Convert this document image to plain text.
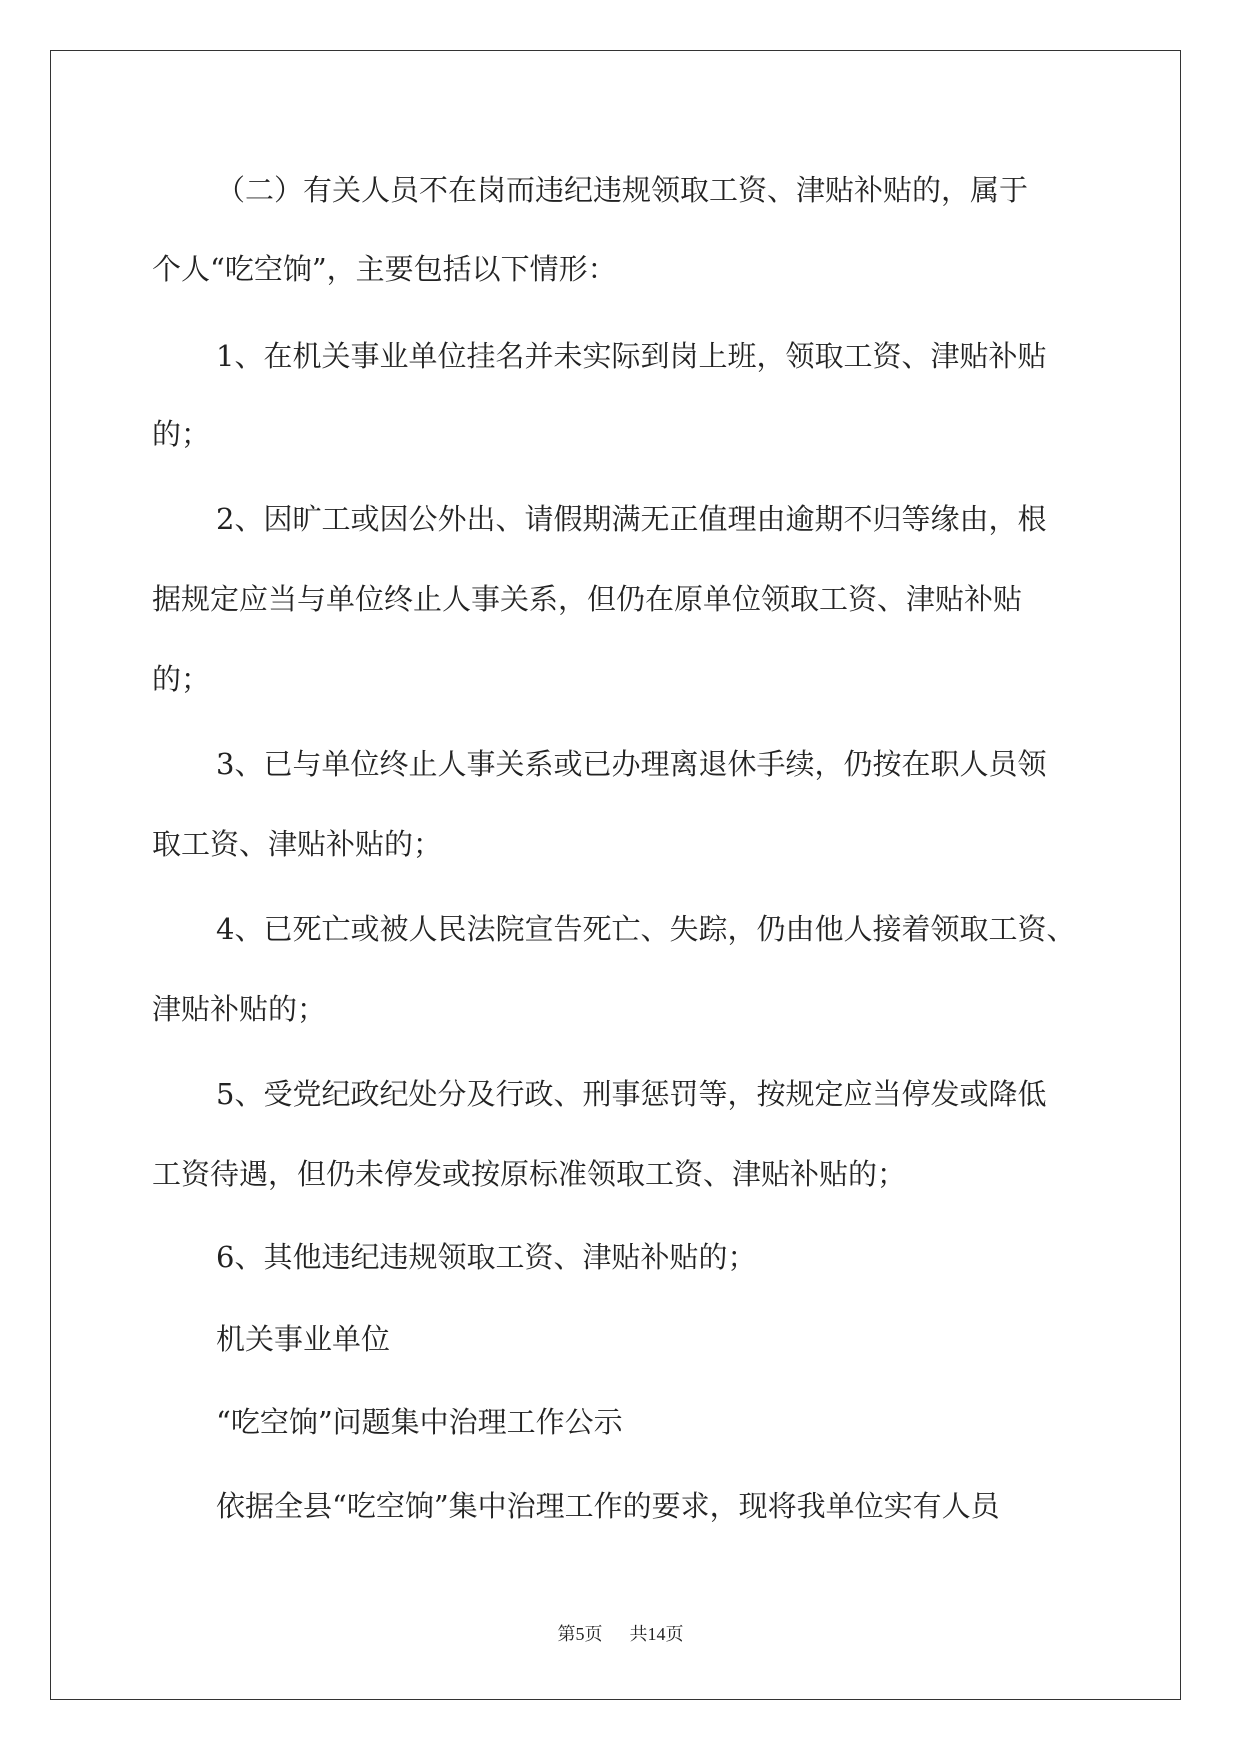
（二）有关人员不在岗而违纪违规领取工资、津贴补贴的，属于
个人“吃空饷”，主要包括以下情形：
1、在机关事业单位挂名并未实际到岗上班，领取工资、津贴补贴
的；
2、因旷工或因公外出、请假期满无正值理由逾期不归等缘由，根
据规定应当与单位终止人事关系，但仍在原单位领取工资、津贴补贴
的；
3、已与单位终止人事关系或已办理离退休手续，仍按在职人员领
取工资、津贴补贴的；
4、已死亡或被人民法院宣告死亡、失踪，仍由他人接着领取工资、
津贴补贴的；
5、受党纪政纪处分及行政、刑事惩罚等，按规定应当停发或降低
工资待遇，但仍未停发或按原标准领取工资、津贴补贴的；
6、其他违纪违规领取工资、津贴补贴的；
机关事业单位
“吃空饷”问题集中治理工作公示
依据全县“吃空饷”集中治理工作的要求，现将我单位实有人员
第5页 共14页
